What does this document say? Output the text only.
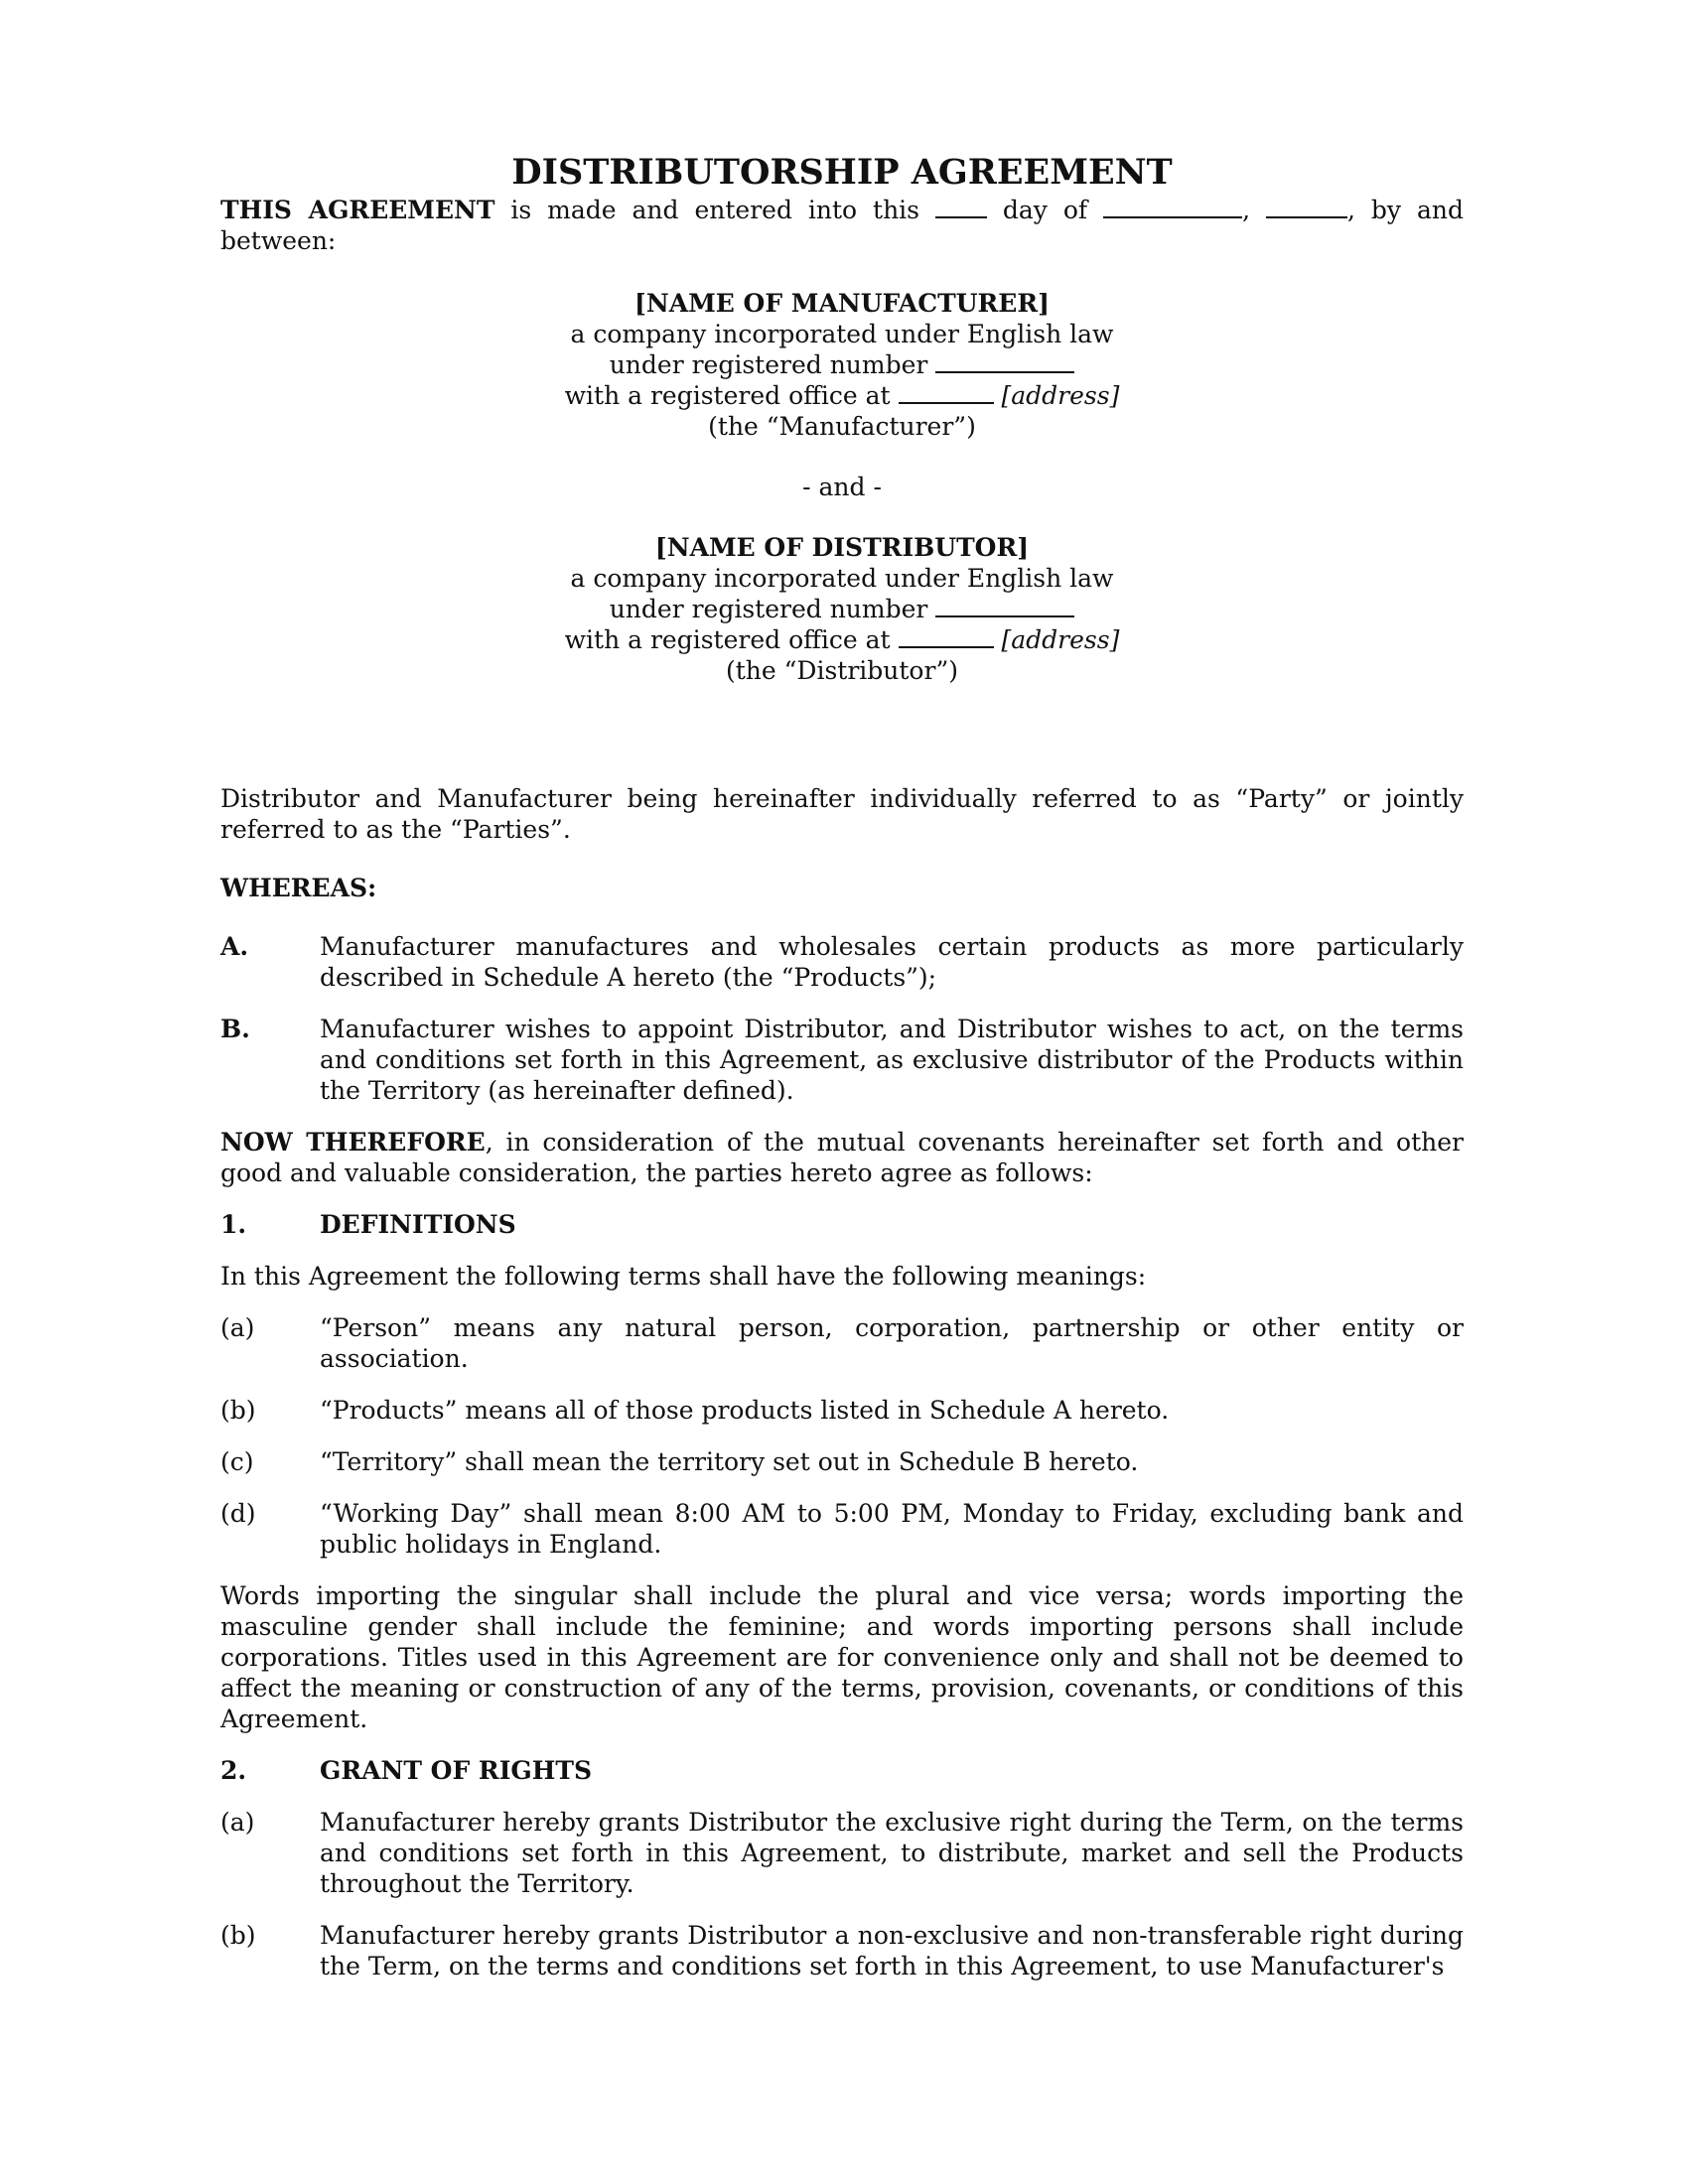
DISTRIBUTORSHIP AGREEMENT

THIS AGREEMENT is made and entered into this	day of	,	, by and between:

[NAME OF MANUFACTURER]
a company incorporated under English law
under registered number
with a registered office at	[address]
(the “Manufacturer”)
- and -
[NAME OF DISTRIBUTOR]
a company incorporated under English law
under registered number
with a registered office at	[address]
(the “Distributor”)

Distributor and Manufacturer being hereinafter individually referred to as “Party” or jointly referred to as the “Parties”.

WHEREAS:

A.	Manufacturer manufactures and wholesales certain products as more particularly described in Schedule A hereto (the “Products”);
B.	Manufacturer wishes to appoint Distributor, and Distributor wishes to act, on the terms and conditions set forth in this Agreement, as exclusive distributor of the Products within the Territory (as hereinafter defined).

NOW THEREFORE, in consideration of the mutual covenants hereinafter set forth and other good and valuable consideration, the parties hereto agree as follows:

1.	DEFINITIONS

In this Agreement the following terms shall have the following meanings:

(a)	“Person” means any natural person, corporation, partnership or other entity or association.
(b)	“Products” means all of those products listed in Schedule A hereto.
(c)	“Territory” shall mean the territory set out in Schedule B hereto.
(d)	“Working Day” shall mean 8:00 AM to 5:00 PM, Monday to Friday, excluding bank and public holidays in England.

Words importing the singular shall include the plural and vice versa; words importing the masculine gender shall include the feminine; and words importing persons shall include corporations. Titles used in this Agreement are for convenience only and shall not be deemed to affect the meaning or construction of any of the terms, provision, covenants, or conditions of this Agreement.

2.	GRANT OF RIGHTS
(a)	Manufacturer hereby grants Distributor the exclusive right during the Term, on the terms and conditions set forth in this Agreement, to distribute, market and sell the Products throughout the Territory.
(b)	Manufacturer hereby grants Distributor a non-exclusive and non-transferable right during the Term, on the terms and conditions set forth in this Agreement, to use Manufacturer's
